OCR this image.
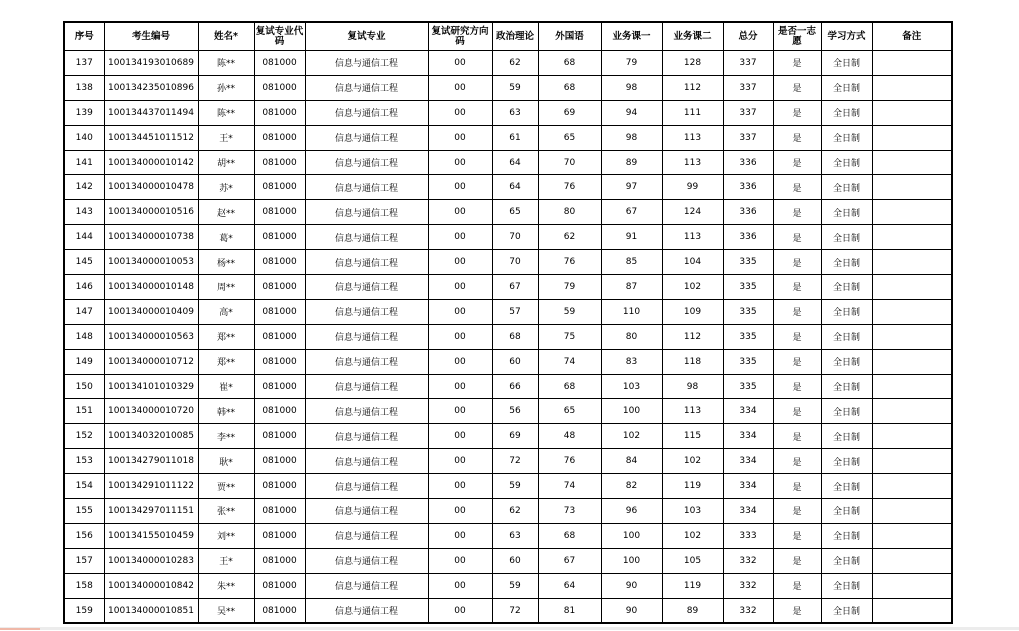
序号	考生编号	姓名*	复试专业代码	复试专业	复试研究方向码	政治理论	外国语	业务课一	业务课二	总分	是否一志愿	学习方式	备注
137	100134193010689	陈**	081000	信息与通信工程	00	62	68	79	128	337	是	全日制	
138	100134235010896	孙**	081000	信息与通信工程	00	59	68	98	112	337	是	全日制	
139	100134437011494	陈**	081000	信息与通信工程	00	63	69	94	111	337	是	全日制	
140	100134451011512	王*	081000	信息与通信工程	00	61	65	98	113	337	是	全日制	
141	100134000010142	胡**	081000	信息与通信工程	00	64	70	89	113	336	是	全日制	
142	100134000010478	苏*	081000	信息与通信工程	00	64	76	97	99	336	是	全日制	
143	100134000010516	赵**	081000	信息与通信工程	00	65	80	67	124	336	是	全日制	
144	100134000010738	葛*	081000	信息与通信工程	00	70	62	91	113	336	是	全日制	
145	100134000010053	杨**	081000	信息与通信工程	00	70	76	85	104	335	是	全日制	
146	100134000010148	周**	081000	信息与通信工程	00	67	79	87	102	335	是	全日制	
147	100134000010409	高*	081000	信息与通信工程	00	57	59	110	109	335	是	全日制	
148	100134000010563	郑**	081000	信息与通信工程	00	68	75	80	112	335	是	全日制	
149	100134000010712	郑**	081000	信息与通信工程	00	60	74	83	118	335	是	全日制	
150	100134101010329	崔*	081000	信息与通信工程	00	66	68	103	98	335	是	全日制	
151	100134000010720	韩**	081000	信息与通信工程	00	56	65	100	113	334	是	全日制	
152	100134032010085	李**	081000	信息与通信工程	00	69	48	102	115	334	是	全日制	
153	100134279011018	耿*	081000	信息与通信工程	00	72	76	84	102	334	是	全日制	
154	100134291011122	贾**	081000	信息与通信工程	00	59	74	82	119	334	是	全日制	
155	100134297011151	张**	081000	信息与通信工程	00	62	73	96	103	334	是	全日制	
156	100134155010459	刘**	081000	信息与通信工程	00	63	68	100	102	333	是	全日制	
157	100134000010283	王*	081000	信息与通信工程	00	60	67	100	105	332	是	全日制	
158	100134000010842	朱**	081000	信息与通信工程	00	59	64	90	119	332	是	全日制	
159	100134000010851	吴**	081000	信息与通信工程	00	72	81	90	89	332	是	全日制	
